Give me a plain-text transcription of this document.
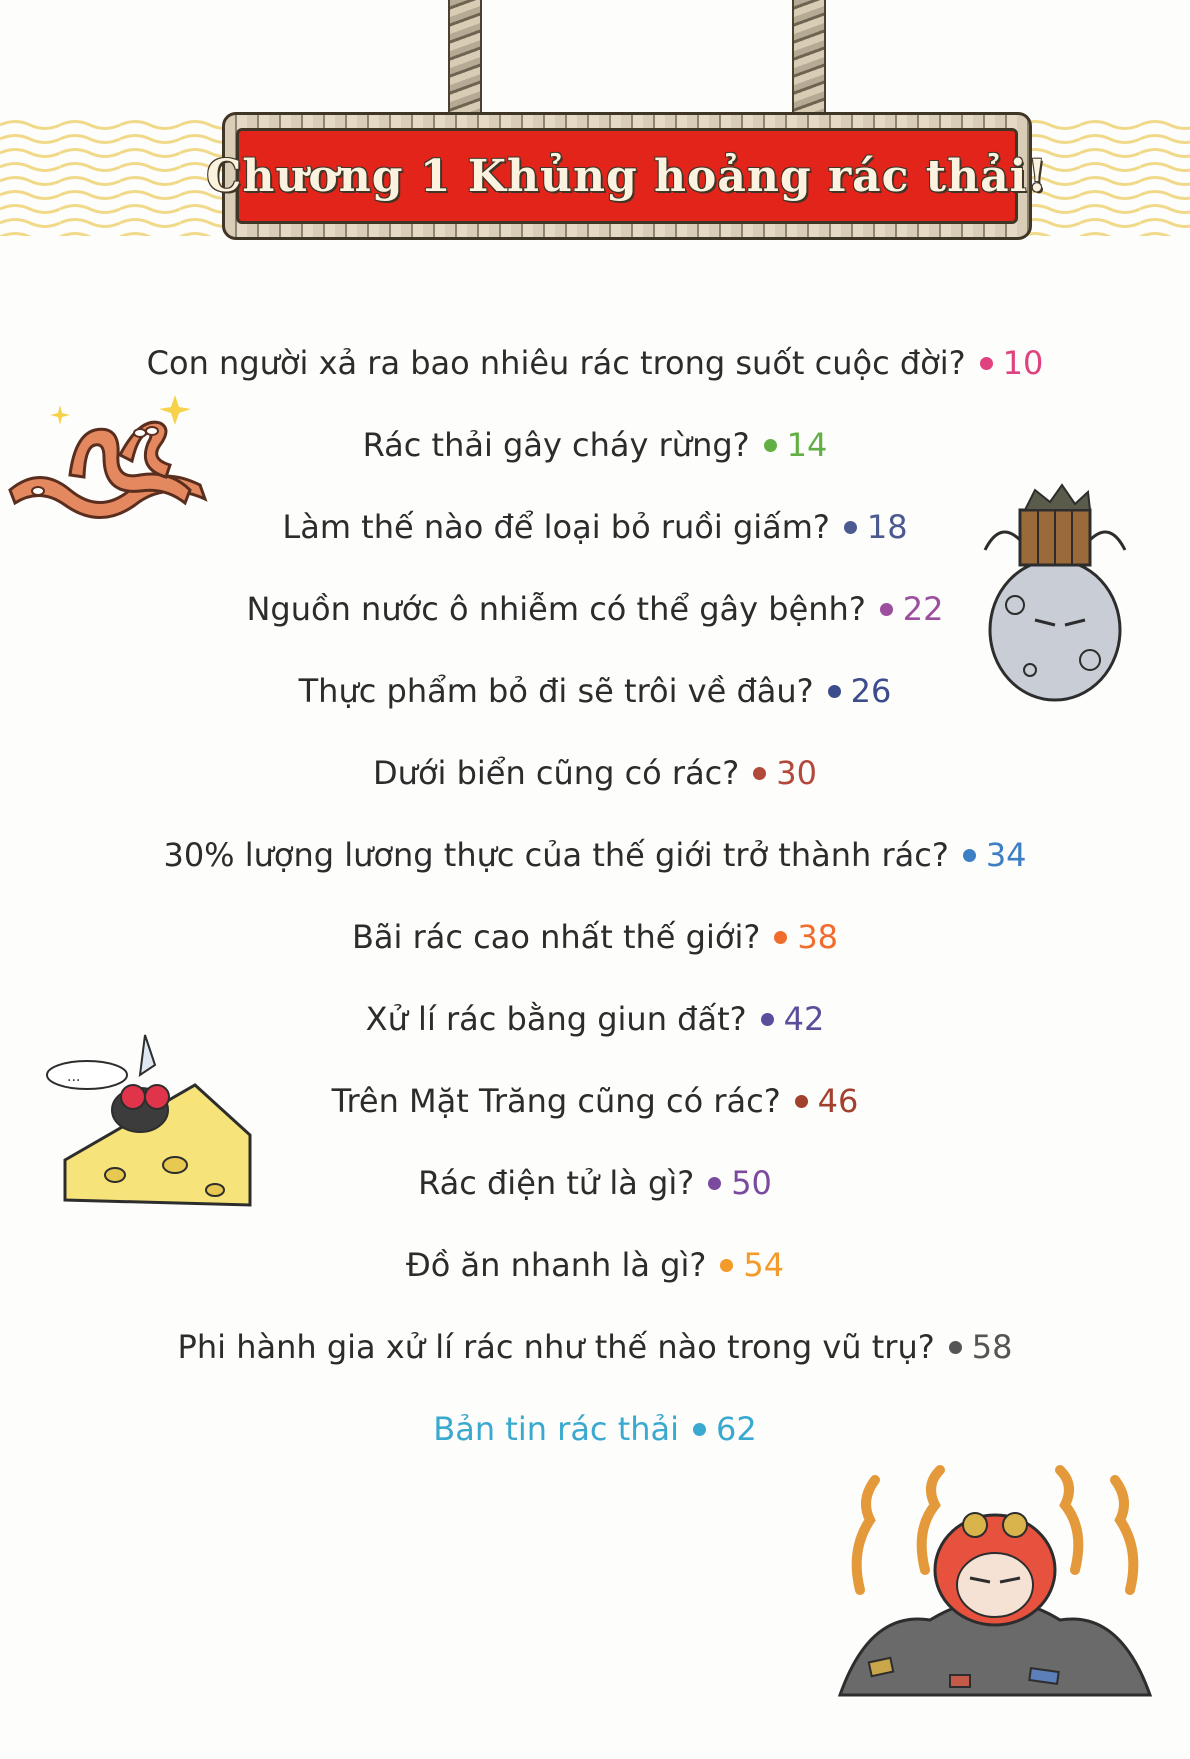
Chương 1 Khủng hoảng rác thải!
Con người xả ra bao nhiêu rác trong suốt cuộc đời? 10
Rác thải gây cháy rừng? 14
Làm thế nào để loại bỏ ruồi giấm? 18
Nguồn nước ô nhiễm có thể gây bệnh? 22
Thực phẩm bỏ đi sẽ trôi về đâu? 26
Dưới biển cũng có rác? 30
30% lượng lương thực của thế giới trở thành rác? 34
Bãi rác cao nhất thế giới? 38
Xử lí rác bằng giun đất? 42
Trên Mặt Trăng cũng có rác? 46
Rác điện tử là gì? 50
Đồ ăn nhanh là gì? 54
Phi hành gia xử lí rác như thế nào trong vũ trụ? 58
Bản tin rác thải 62
...
